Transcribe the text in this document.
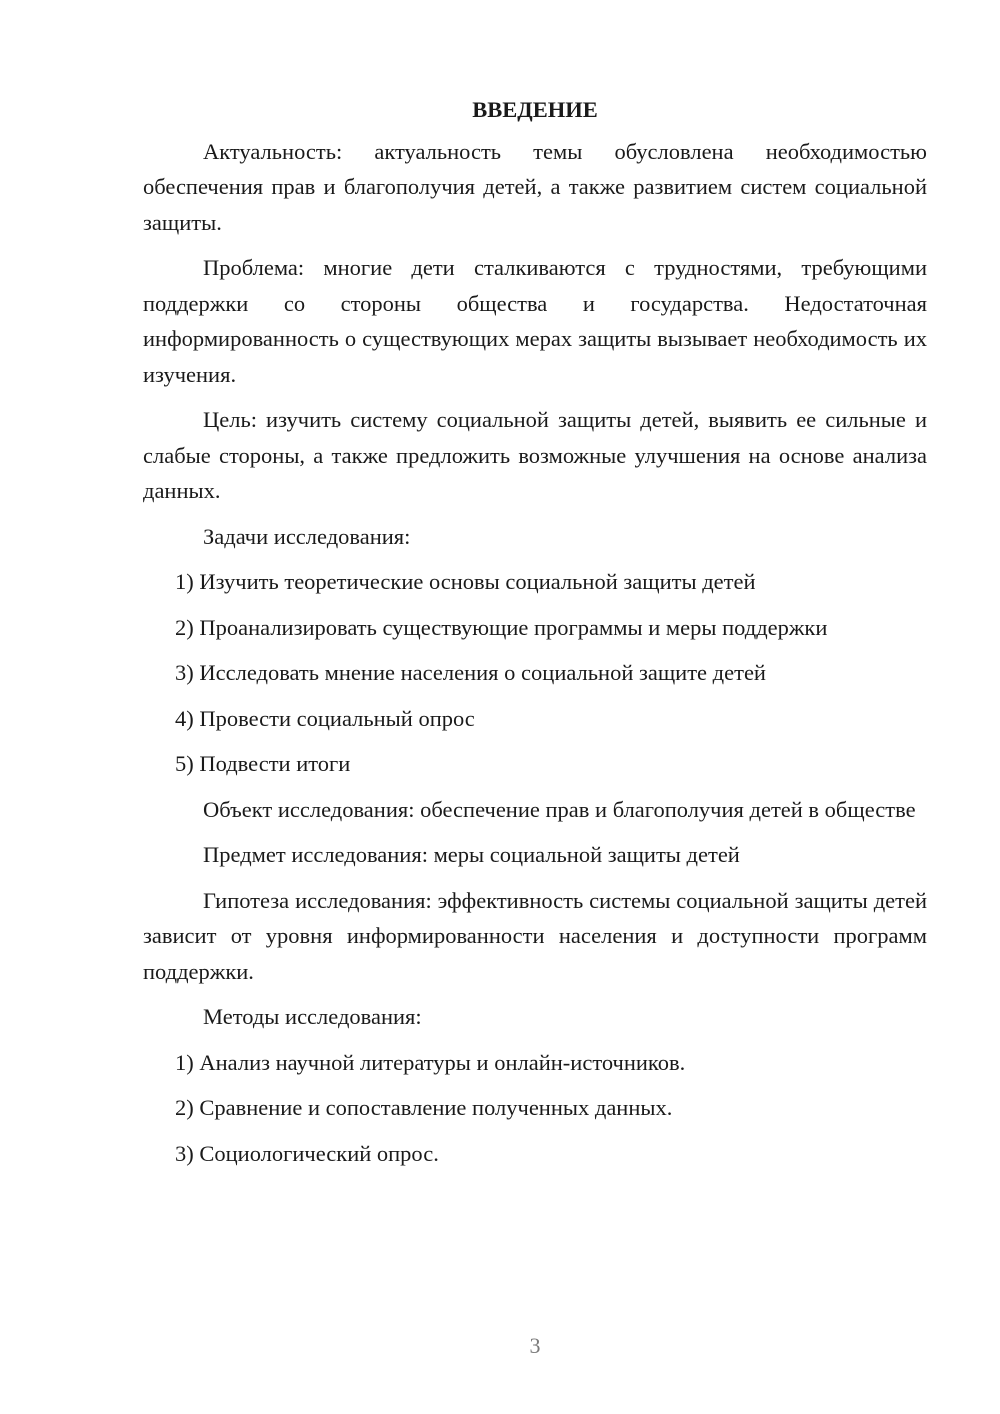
ВВЕДЕНИЕ

Актуальность: актуальность темы обусловлена необходимостью обеспечения прав и благополучия детей, а также развитием систем социальной защиты.

Проблема: многие дети сталкиваются с трудностями, требующими поддержки со стороны общества и государства. Недостаточная информированность о существующих мерах защиты вызывает необходимость их изучения.

Цель: изучить систему социальной защиты детей, выявить ее сильные и слабые стороны, а также предложить возможные улучшения на основе анализа данных.

Задачи исследования:

1) Изучить теоретические основы социальной защиты детей
2) Проанализировать существующие программы и меры поддержки
3) Исследовать мнение населения о социальной защите детей
4) Провести социальный опрос
5) Подвести итоги

Объект исследования: обеспечение прав и благополучия детей в обществе

Предмет исследования: меры социальной защиты детей

Гипотеза исследования: эффективность системы социальной защиты детей зависит от уровня информированности населения и доступности программ поддержки.

Методы исследования:

1) Анализ научной литературы и онлайн-источников.
2) Сравнение и сопоставление полученных данных.
3) Социологический опрос.
3
